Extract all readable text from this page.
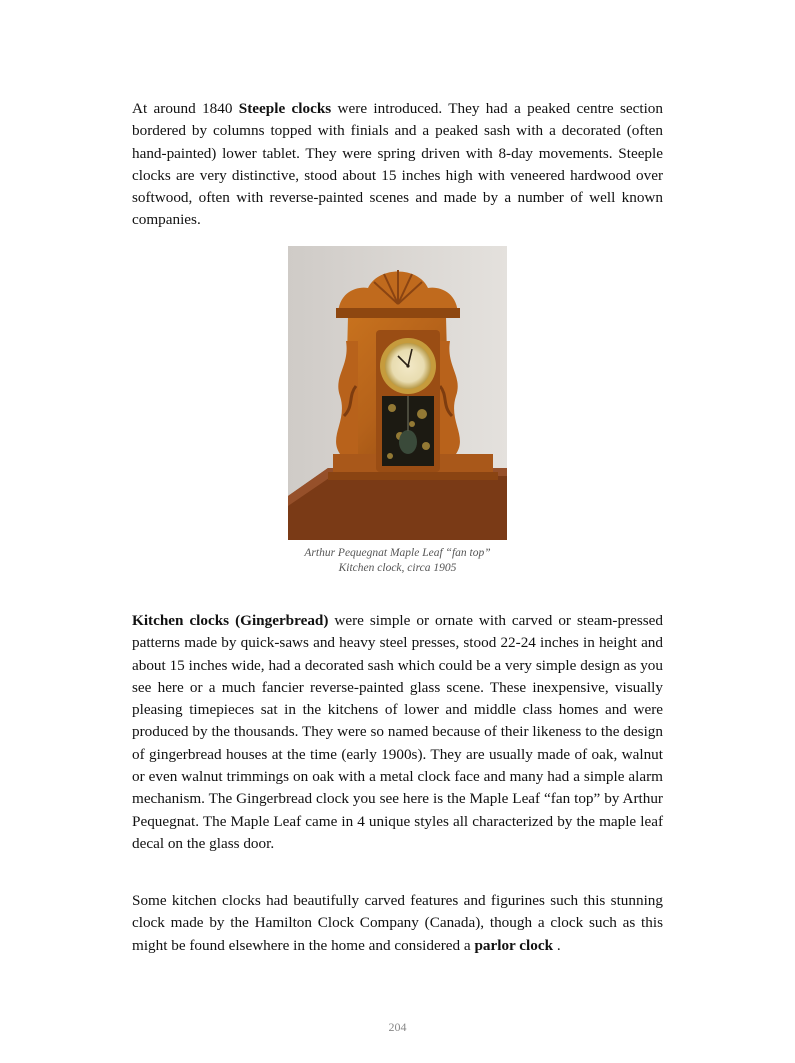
At around 1840 Steeple clocks were introduced. They had a peaked centre section bordered by columns topped with finials and a peaked sash with a decorated (often hand-painted) lower tablet. They were spring driven with 8-day movements. Steeple clocks are very distinctive, stood about 15 inches high with veneered hardwood over softwood, often with reverse-painted scenes and made by a number of well known companies.

Arthur Pequegnat Maple Leaf “fan top”
Kitchen clock, circa 1905

Kitchen clocks (Gingerbread) were simple or ornate with carved or steam-pressed patterns made by quick-saws and heavy steel presses, stood 22-24 inches in height and about 15 inches wide, had a decorated sash which could be a very simple design as you see here or a much fancier reverse-painted glass scene. These inexpensive, visually pleasing timepieces sat in the kitchens of lower and middle class homes and were produced by the thousands. They were so named because of their likeness to the design of gingerbread houses at the time (early 1900s). They are usually made of oak, walnut or even walnut trimmings on oak with a metal clock face and many had a simple alarm mechanism. The Gingerbread clock you see here is the Maple Leaf “fan top” by Arthur Pequegnat. The Maple Leaf came in 4 unique styles all characterized by the maple leaf decal on the glass door.

Some kitchen clocks had beautifully carved features and figurines such this stunning clock made by the Hamilton Clock Company (Canada), though a clock such as this might be found elsewhere in the home and considered a parlor clock .

204
